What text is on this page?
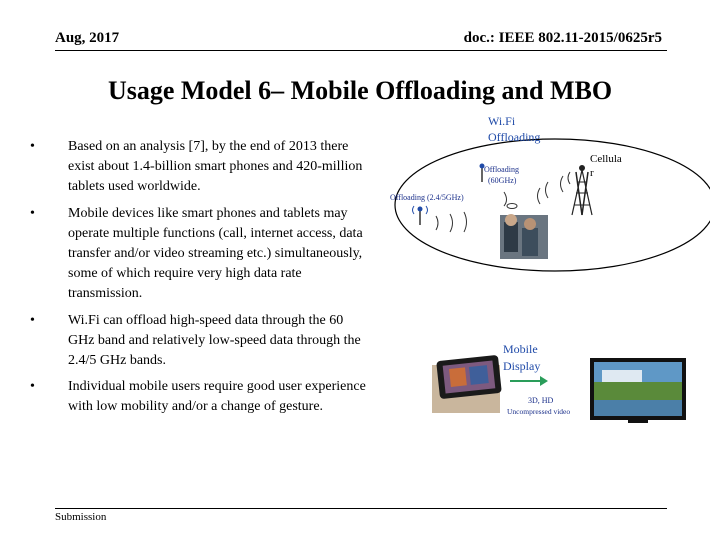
Aug, 2017	doc.: IEEE 802.11-2015/0625r5
Usage Model 6– Mobile Offloading and MBO
• Based on an analysis [7], by the end of 2013 there exist about 1.4-billion smart phones and 420-million tablets used worldwide.
• Mobile devices like smart phones and tablets may operate multiple functions (call, internet access, data transfer and/or video streaming etc.) simultaneously, some of which require very high data rate transmission.
• Wi.Fi can offload high-speed data through the 60 GHz band and relatively low-speed data through the 2.4/5 GHz bands.
• Individual mobile users require good user experience with low mobility and/or a change of gesture.
Wi.Fi
Offloading
Cellula
r
Offloading
(60GHz)
Offloading (2.4/5GHz)
Mobile
Display
3D, HD
Uncompressed video
Submission
